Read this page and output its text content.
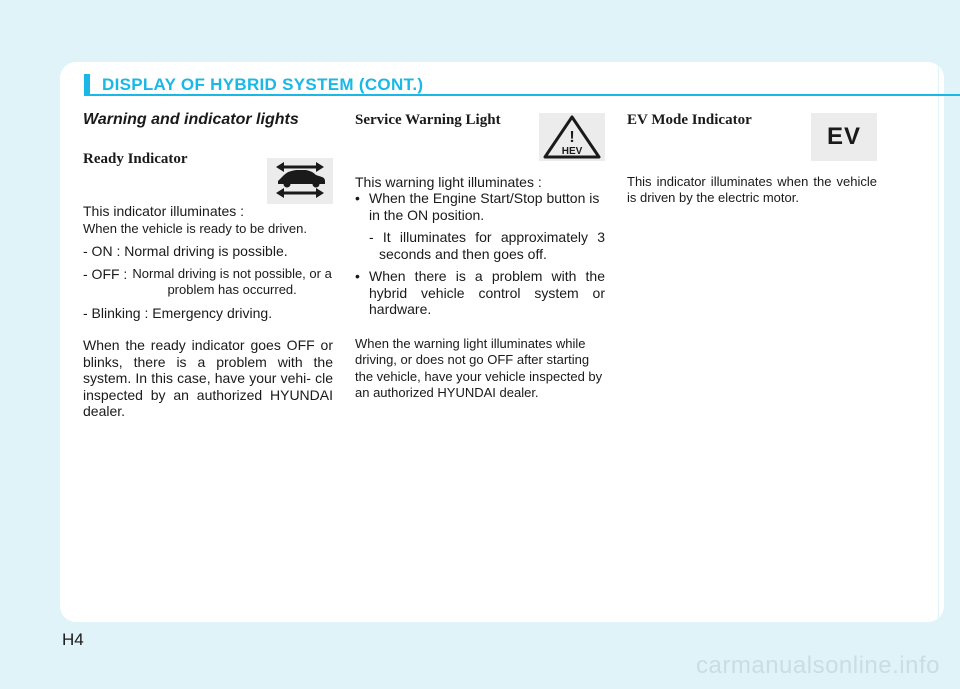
DISPLAY OF HYBRID SYSTEM (CONT.)
Warning and indicator lights
Ready Indicator
This indicator illuminates :
When the vehicle is ready to be driven.
- ON : Normal driving is possible.
- OFF : Normal driving is not possible, or a problem has occurred.
- Blinking : Emergency driving.
When the ready indicator goes OFF or blinks, there is a problem with the system. In this case, have your vehi- cle inspected by an authorized HYUNDAI dealer.
Service Warning Light
This warning light illuminates :
• When the Engine Start/Stop button is in the ON position.
- It illuminates for approximately 3 seconds and then goes off.
• When there is a problem with the hybrid vehicle control system or hardware.
When the warning light illuminates while driving, or does not go OFF after starting the vehicle, have your vehicle inspected by an authorized HYUNDAI dealer.
!
HEV
EV Mode Indicator
This indicator illuminates when the vehicle is driven by the electric motor.
EV
H4
carmanualsonline.info
